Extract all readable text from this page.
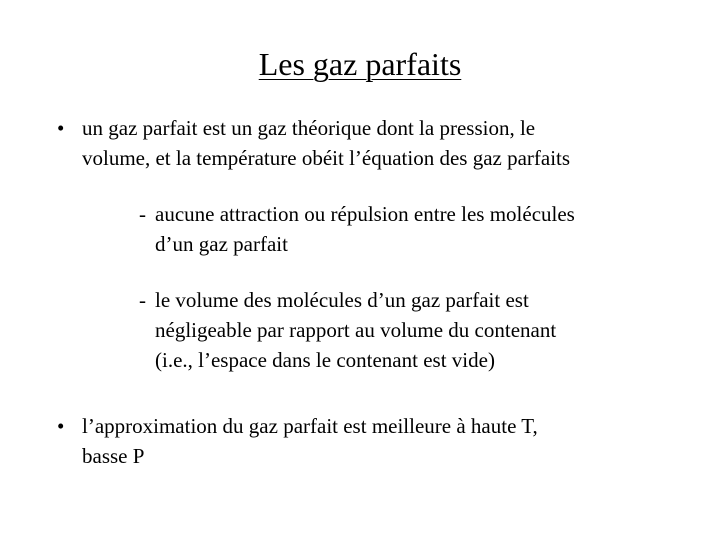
Les gaz parfaits
• un gaz parfait est un gaz théorique dont la pression, le
volume, et la température obéit l’équation des gaz parfaits
- aucune attraction ou répulsion entre les molécules
d’un gaz parfait
- le volume des molécules d’un gaz parfait est
négligeable par rapport au volume du contenant
(i.e., l’espace dans le contenant est vide)
• l’approximation du gaz parfait est meilleure à haute T,
basse P
